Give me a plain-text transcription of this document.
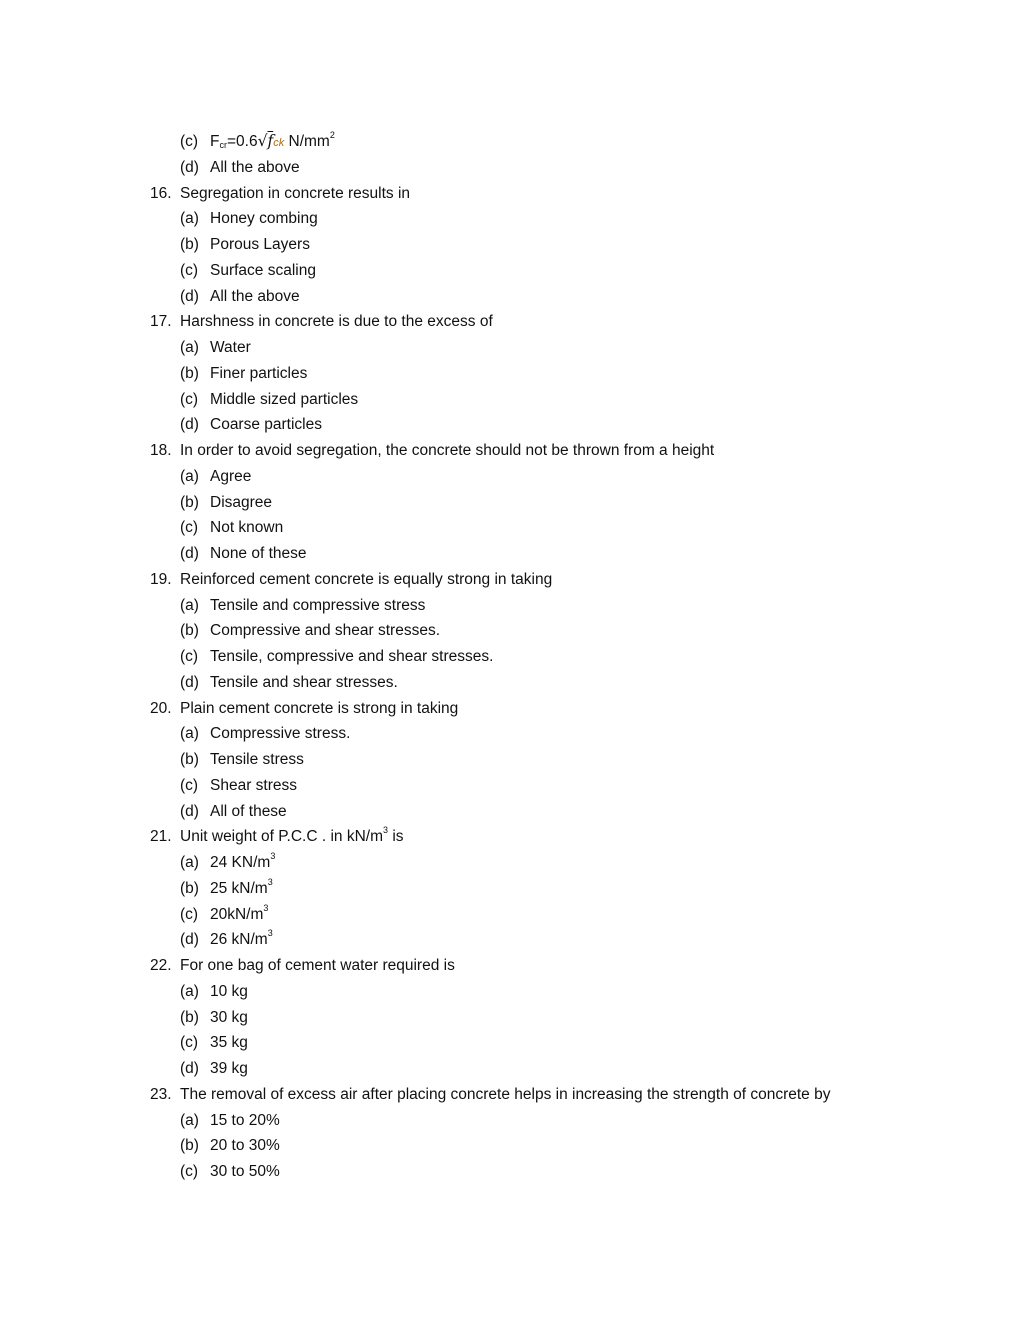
(c) $F_{cr}=0.6√fck$ $N/mm^2$
(d) All the above
16. Segregation in concrete results in
(a) Honey combing
(b) Porous Layers
(c) Surface scaling
(d) All the above
17. Harshness in concrete is due to the excess of
(a) Water
(b) Finer particles
(c) Middle sized particles
(d) Coarse particles
18. In order to avoid segregation, the concrete should not be thrown from a height
(a) Agree
(b) Disagree
(c) Not known
(d) None of these
19. Reinforced cement concrete is equally strong in taking
(a) Tensile and compressive stress
(b) Compressive and shear stresses.
(c) Tensile, compressive and shear stresses.
(d) Tensile and shear stresses.
20. Plain cement concrete is strong in taking
(a) Compressive stress.
(b) Tensile stress
(c) Shear stress
(d) All of these
21. Unit weight of P.C.C . in $kN/m^3$ is
(a) 24 $KN/m^3$
(b) 25 $kN/m^3$
(c) $20kN/m^3$
(d) 26 $kN/m^3$
22. For one bag of cement water required is
(a) 10 kg
(b) 30 kg
(c) 35 kg
(d) 39 kg
23. The removal of excess air after placing concrete helps in increasing the strength of concrete by
(a) 15 to 20%
(b) 20 to 30%
(c) 30 to 50%
